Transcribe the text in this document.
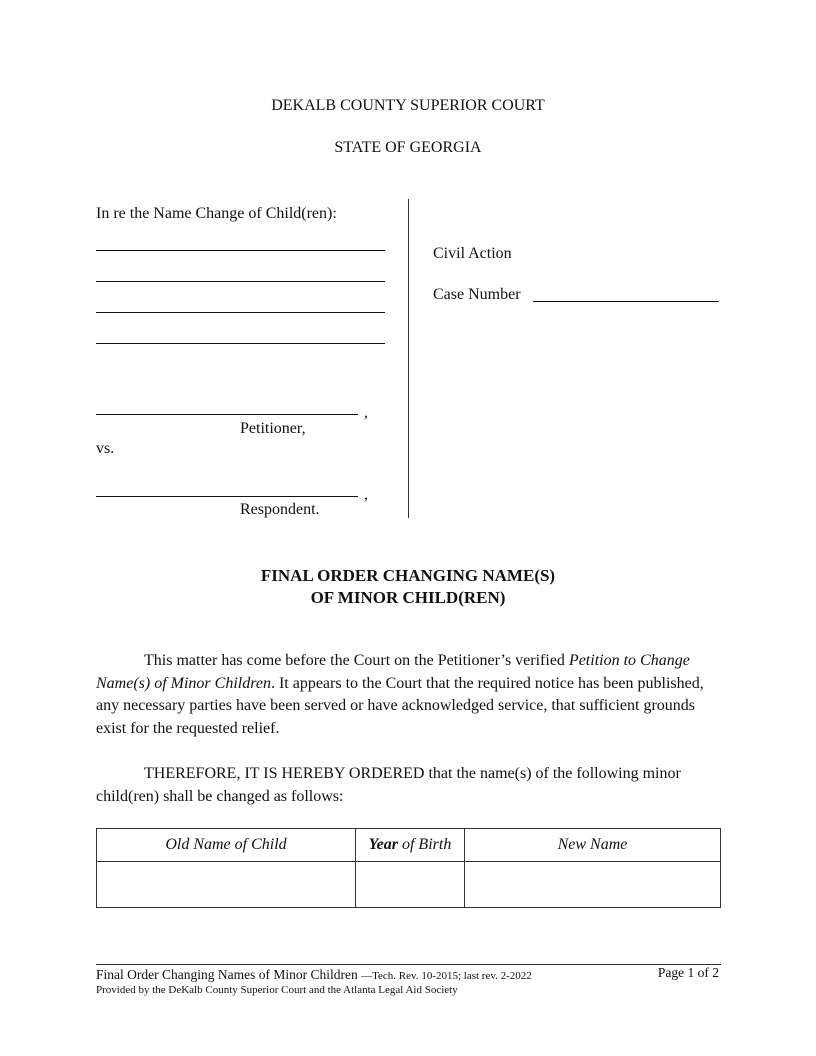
DEKALB COUNTY SUPERIOR COURT
STATE OF GEORGIA
In re the Name Change of Child(ren):
,
Petitioner,
vs.
,
Respondent.
Civil Action
Case Number
FINAL ORDER CHANGING NAME(S)
OF MINOR CHILD(REN)

This matter has come before the Court on the Petitioner’s verified Petition to Change Name(s) of Minor Children. It appears to the Court that the required notice has been published, any necessary parties have been served or have acknowledged service, that sufficient grounds exist for the requested relief.

THEREFORE, IT IS HEREBY ORDERED that the name(s) of the following minor child(ren) shall be changed as follows:

Old Name of Child	Year of Birth	New Name

Final Order Changing Names of Minor Children —Tech. Rev. 10-2015; last rev. 2-2022
Provided by the DeKalb County Superior Court and the Atlanta Legal Aid Society
Page 1 of 2
